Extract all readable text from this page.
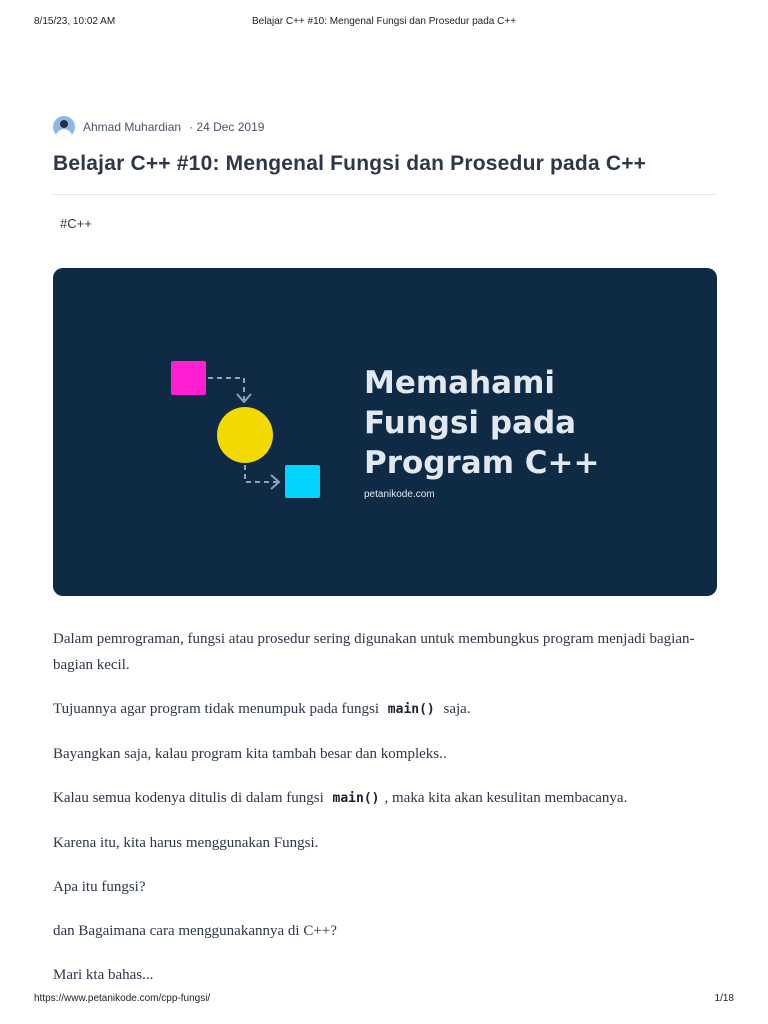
8/15/23, 10:02 AM	Belajar C++ #10: Mengenal Fungsi dan Prosedur pada C++
Ahmad Muhardian · 24 Dec 2019
Belajar C++ #10: Mengenal Fungsi dan Prosedur pada C++
#C++
Memahami
Fungsi pada
Program C++
petanikode.com

Dalam pemrograman, fungsi atau prosedur sering digunakan untuk membungkus program menjadi bagian-bagian kecil.

Tujuannya agar program tidak menumpuk pada fungsi main() saja.

Bayangkan saja, kalau program kita tambah besar dan kompleks..

Kalau semua kodenya ditulis di dalam fungsi main() , maka kita akan kesulitan membacanya.

Karena itu, kita harus menggunakan Fungsi.

Apa itu fungsi?

dan Bagaimana cara menggunakannya di C++?

Mari kta bahas...

https://www.petanikode.com/cpp-fungsi/	1/18
